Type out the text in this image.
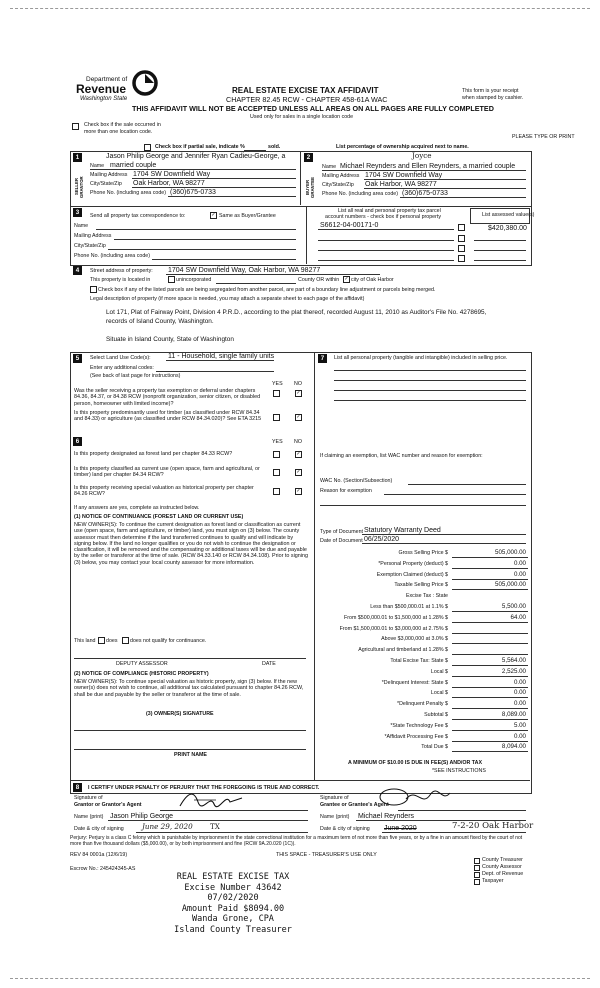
Department of
Revenue
Washington State
REAL ESTATE EXCISE TAX AFFIDAVIT
CHAPTER 82.45 RCW - CHAPTER 458-61A WAC
THIS AFFIDAVIT WILL NOT BE ACCEPTED UNLESS ALL AREAS ON ALL PAGES ARE FULLY COMPLETED
Used only for sales in a single location code
This form is your receipt
when stamped by cashier.
Check box if the sale occurred in
more than one location code.
PLEASE TYPE OR PRINT
Check box if partial sale, indicate %	sold.	List percentage of ownership acquired next to name.
1
SELLER GRANTOR
Jason Philip George and Jennifer Ryan Cadieu-George, a
Name married couple
Mailing Address 1704 SW Downfield Way
City/State/Zip Oak Harbor, WA 98277
Phone No. (including area code) (360)675-0733
2
BUYER GRANTEE
Joyce
Name Michael Reynders and Ellen Reynders, a married couple
Mailing Address 1704 SW Downfield Way
City/State/Zip Oak Harbor, WA 98277
Phone No. (including area code) (360)675-0733
3	Send all property tax correspondence to:	✓ Same as Buyer/Grantee
Name
Mailing Address
City/State/Zip
Phone No. (including area code)
List all real and personal property tax parcel
account numbers - check box if personal property	List assessed value(s)
S6612-04-00171-0	$420,380.00
4	Street address of property: 1704 SW Downfield Way, Oak Harbor, WA 98277
This property is located in	unincorporated	County OR within ✓ city of Oak Harbor
Check box if any of the listed parcels are being segregated from another parcel, are part of a boundary line adjustment or parcels being merged.
Legal description of property (if more space is needed, you may attach a separate sheet to each page of the affidavit)
Lot 171, Plat of Fairway Point, Division 4 P.R.D., according to the plat thereof, recorded August 11, 2010 as Auditor's File No. 4278695,
records of Island County, Washington.
Situate in Island County, State of Washington
5	Select Land Use Code(s): 11 - Household, single family units
Enter any additional codes:
(See back of last page for instructions)
YES NO
Was the seller receiving a property tax exemption or deferral under chapters 84.36, 84.37, or 84.38 RCW (nonprofit organization, senior citizen, or disabled person, homeowner with limited income)?
✓
Is this property predominantly used for timber (as classified under RCW 84.34 and 84.33) or agriculture (as classified under RCW 84.34.020)? See ETA 3215	✓
6	YES NO
Is this property designated as forest land per chapter 84.33 RCW?	✓
Is this property classified as current use (open space, farm and agricultural, or timber) land per chapter 84.34 RCW?
✓
Is this property receiving special valuation as historical property per chapter 84.26 RCW?
✓
If any answers are yes, complete as instructed below.
(1) NOTICE OF CONTINUANCE (FOREST LAND OR CURRENT USE)
NEW OWNER(S): To continue the current designation as forest land or classification as current use (open space, farm and agriculture, or timber) land, you must sign on (3) below. The county assessor must then determine if the land transferred continues to qualify and will indicate by signing below. If the land no longer qualifies or you do not wish to continue the designation or classification, it will be removed and the compensating or additional taxes will be due and payable by the seller or transferor at the time of sale. (RCW 84.33.140 or RCW 84.34.108). Prior to signing (3) below, you may contact your local county assessor for more information.
This land does does not qualify for continuance.
DEPUTY ASSESSOR	DATE
(2) NOTICE OF COMPLIANCE (HISTORIC PROPERTY)
NEW OWNER(S): To continue special valuation as historic property, sign (3) below. If the new owner(s) does not wish to continue, all additional tax calculated pursuant to chapter 84.26 RCW, shall be due and payable by the seller or transferor at the time of sale.
(3) OWNER(S) SIGNATURE
PRINT NAME
7	List all personal property (tangible and intangible) included in selling price.
If claiming an exemption, list WAC number and reason for exemption:
WAC No. (Section/Subsection)
Reason for exemption
Type of Document Statutory Warranty Deed
Date of Document 06/25/2020
Gross Selling Price $	505,000.00
*Personal Property (deduct) $	0.00
Exemption Claimed (deduct) $	0.00
Taxable Selling Price $	505,000.00
Excise Tax : State
Less than $500,000.01 at 1.1% $	5,500.00
From $500,000.01 to $1,500,000 at 1.28% $	64.00
From $1,500,000.01 to $3,000,000 at 2.75% $
Above $3,000,000 at 3.0% $
Agricultural and timberland at 1.28% $
Total Excise Tax: State $	5,564.00
Local $	2,525.00
*Delinquent Interest: State $	0.00
Local $	0.00
*Delinquent Penalty $	0.00
Subtotal $	8,089.00
*State Technology Fee $	5.00
*Affidavit Processing Fee $	0.00
Total Due $	8,094.00
A MINIMUM OF $10.00 IS DUE IN FEE(S) AND/OR TAX
*SEE INSTRUCTIONS
8	I CERTIFY UNDER PENALTY OF PERJURY THAT THE FOREGOING IS TRUE AND CORRECT.
Signature of
Grantor or Grantor's Agent
Name (print) Jason Philip George
Date & city of signing	June 29, 2020 TX
Signature of
Grantee or Grantee's Agent
Name (print) Michael Reynders
Date & city of signing June 2020	7-2-20 Oak Harbor
Perjury: Perjury is a class C felony which is punishable by imprisonment in the state correctional institution for a maximum term of not more than five years, or by a fine in an amount fixed by the court of not more than five thousand dollars ($5,000.00), or by both imprisonment and fine (RCW 9A.20.020 (1C)).
REV 84 0001a (12/6/19)	THIS SPACE - TREASURER'S USE ONLY
Escrow No.: 245424345-AS
County Treasurer
County Assessor
Dept. of Revenue
Taxpayer
REAL ESTATE EXCISE TAX
Excise Number 43642
07/02/2020
Amount Paid $8094.00
Wanda Grone, CPA
Island County Treasurer
